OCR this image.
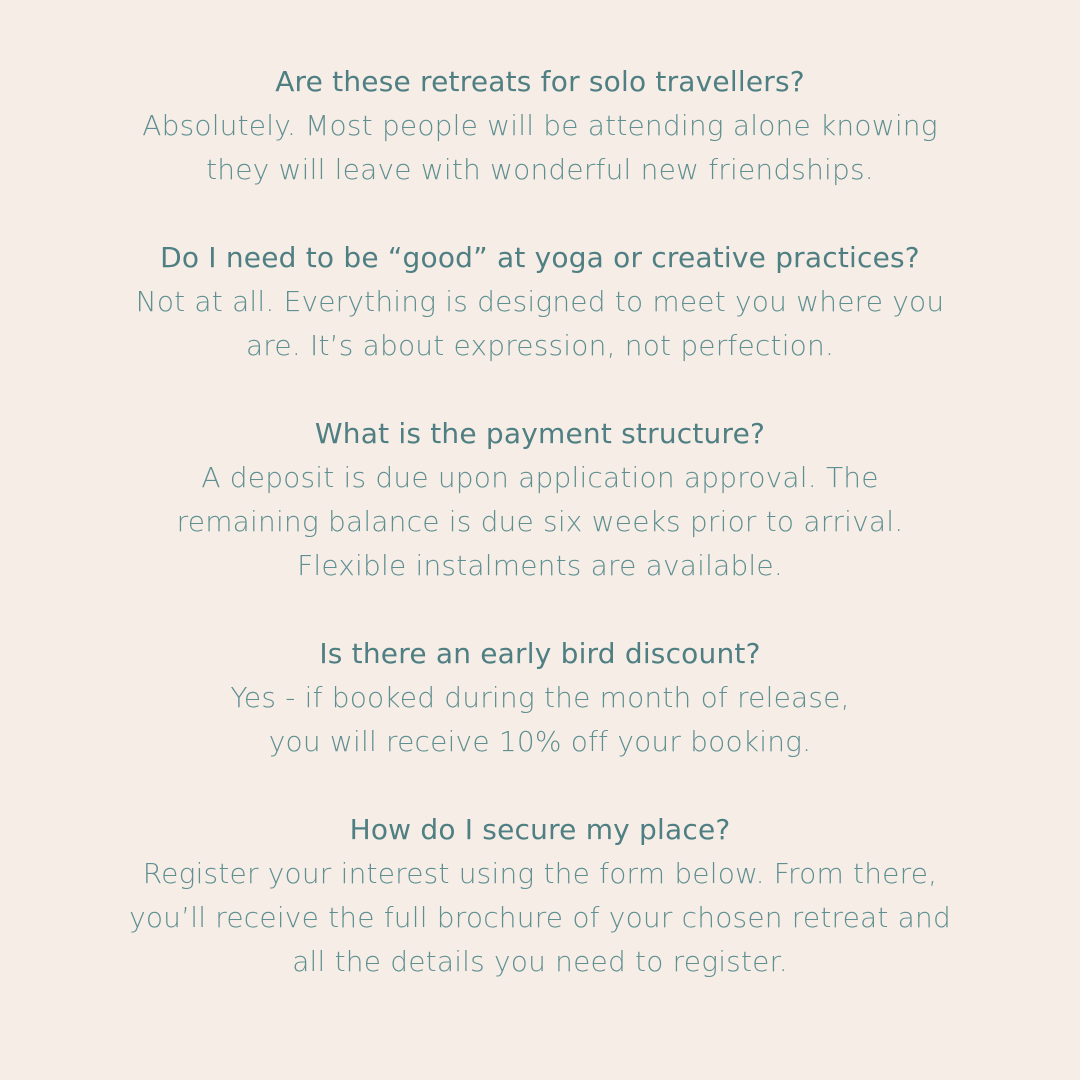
Are these retreats for solo travellers?
Absolutely. Most people will be attending alone knowing
they will leave with wonderful new friendships.
Do I need to be “good” at yoga or creative practices?
Not at all. Everything is designed to meet you where you
are. It’s about expression, not perfection.
What is the payment structure?
A deposit is due upon application approval. The
remaining balance is due six weeks prior to arrival.
Flexible instalments are available.
Is there an early bird discount?
Yes - if booked during the month of release,
you will receive 10% off your booking.
How do I secure my place?
Register your interest using the form below. From there,
you’ll receive the full brochure of your chosen retreat and
all the details you need to register.
